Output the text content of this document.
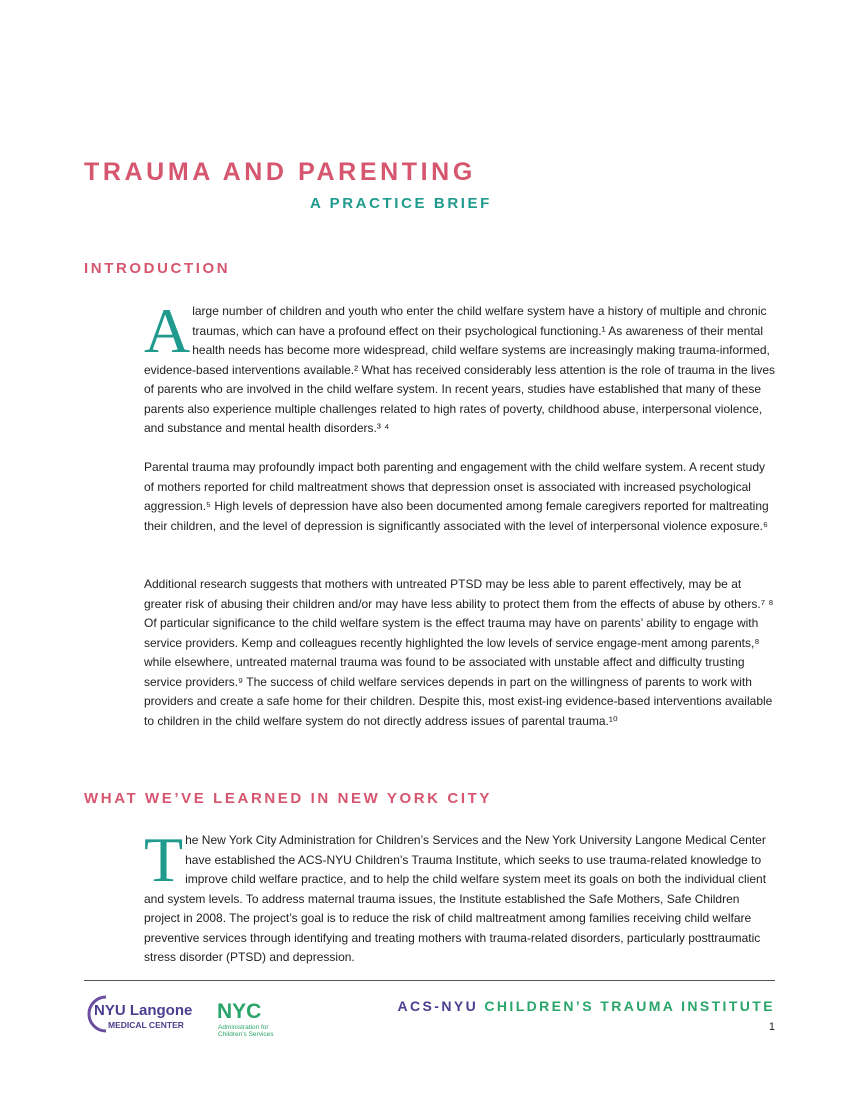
TRAUMA AND PARENTING
A PRACTICE BRIEF
INTRODUCTION

A large number of children and youth who enter the child welfare system have a history of multiple and chronic traumas, which can have a profound effect on their psychological functioning.¹ As awareness of their mental health needs has become more widespread, child welfare systems are increasingly making trauma-informed, evidence-based interventions available.² What has received considerably less attention is the role of trauma in the lives of parents who are involved in the child welfare system. In recent years, studies have established that many of these parents also experience multiple challenges related to high rates of poverty, childhood abuse, interpersonal violence, and substance and mental health disorders.³ ⁴

Parental trauma may profoundly impact both parenting and engagement with the child welfare system. A recent study of mothers reported for child maltreatment shows that depression onset is associated with increased psychological aggression.⁵ High levels of depression have also been documented among female caregivers reported for maltreating their children, and the level of depression is significantly associated with the level of interpersonal violence exposure.⁶

Additional research suggests that mothers with untreated PTSD may be less able to parent effectively, may be at greater risk of abusing their children and/or may have less ability to protect them from the effects of abuse by others.⁷ ⁸ Of particular significance to the child welfare system is the effect trauma may have on parents’ ability to engage with service providers. Kemp and colleagues recently highlighted the low levels of service engage-ment among parents,⁸ while elsewhere, untreated maternal trauma was found to be associated with unstable affect and difficulty trusting service providers.⁹ The success of child welfare services depends in part on the willingness of parents to work with providers and create a safe home for their children. Despite this, most exist-ing evidence-based interventions available to children in the child welfare system do not directly address issues of parental trauma.¹⁰

WHAT WE’VE LEARNED IN NEW YORK CITY

T he New York City Administration for Children’s Services and the New York University Langone Medical Center have established the ACS-NYU Children’s Trauma Institute, which seeks to use trauma-related knowledge to improve child welfare practice, and to help the child welfare system meet its goals on both the individual client and system levels. To address maternal trauma issues, the Institute established the Safe Mothers, Safe Children project in 2008. The project’s goal is to reduce the risk of child maltreatment among families receiving child welfare preventive services through identifying and treating mothers with trauma-related disorders, particularly posttraumatic stress disorder (PTSD) and depression.

NYU Langone
MEDICAL CENTER
NYC
Administration for
Children’s Services
ACS-NYU CHILDREN’S TRAUMA INSTITUTE
1
